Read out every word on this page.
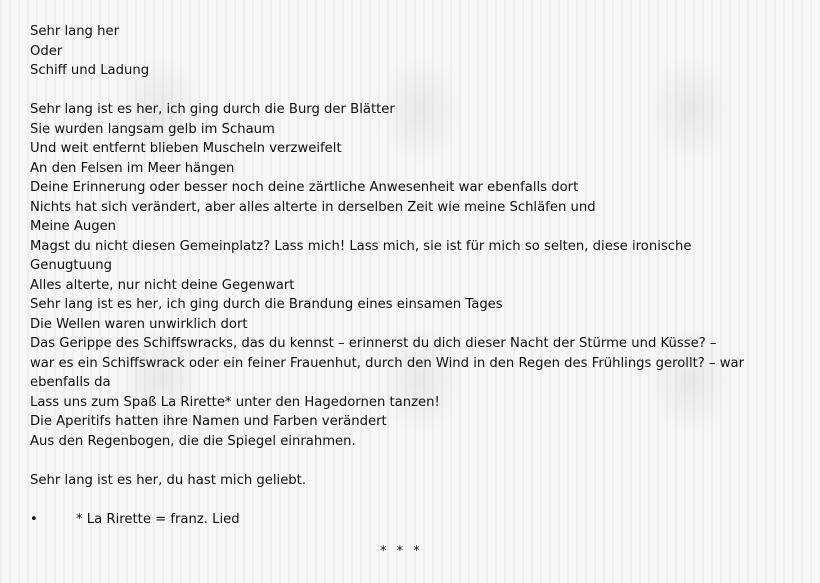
Sehr lang her
Oder
Schiff und Ladung
Sehr lang ist es her, ich ging durch die Burg der Blätter
Sie wurden langsam gelb im Schaum
Und weit entfernt blieben Muscheln verzweifelt
An den Felsen im Meer hängen
Deine Erinnerung oder besser noch deine zärtliche Anwesenheit war ebenfalls dort
Nichts hat sich verändert, aber alles alterte in derselben Zeit wie meine Schläfen und
Meine Augen
Magst du nicht diesen Gemeinplatz? Lass mich! Lass mich, sie ist für mich so selten, diese ironische
Genugtuung
Alles alterte, nur nicht deine Gegenwart
Sehr lang ist es her, ich ging durch die Brandung eines einsamen Tages
Die Wellen waren unwirklich dort
Das Gerippe des Schiffswracks, das du kennst – erinnerst du dich dieser Nacht der Stürme und Küsse? –
war es ein Schiffswrack oder ein feiner Frauenhut, durch den Wind in den Regen des Frühlings gerollt? – war
ebenfalls da
Lass uns zum Spaß La Rirette* unter den Hagedornen tanzen!
Die Aperitifs hatten ihre Namen und Farben verändert
Aus den Regenbogen, die die Spiegel einrahmen.
Sehr lang ist es her, du hast mich geliebt.
•	* La Rirette = franz. Lied
* * *
